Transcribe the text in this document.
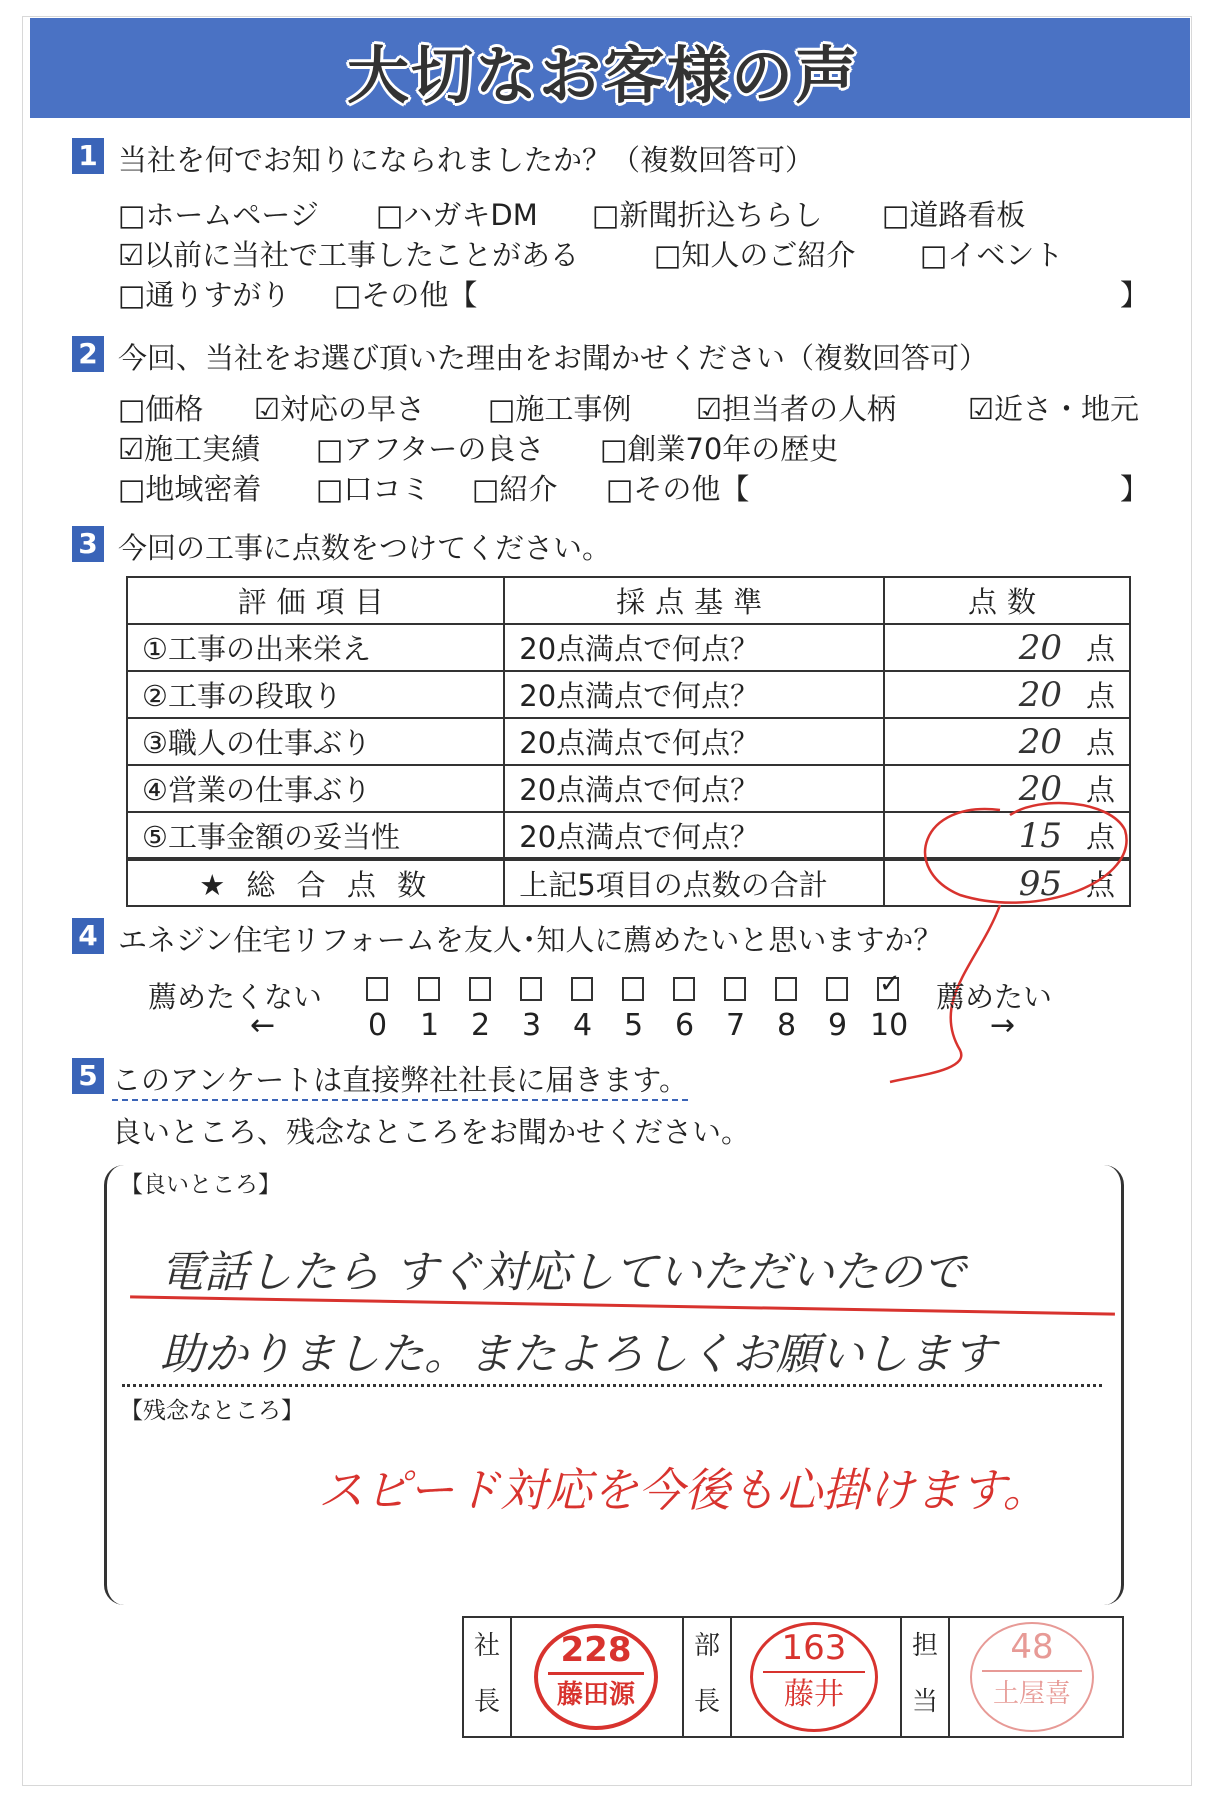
大切なお客様の声
1 当社を何でお知りになられましたか？（複数回答可）
□ホームページ □ハガキDM □新聞折込ちらし □道路看板
☑以前に当社で工事したことがある	□知人のご紹介 □イベント
□通りすがり □その他【	】
2 今回、当社をお選び頂いた理由をお聞かせください（複数回答可）
□価格 ☑対応の早さ □施工事例 ☑担当者の人柄 ☑近さ・地元
☑施工実績 □アフターの良さ □創業70年の歴史
□地域密着 □口コミ □紹介 □その他【	】
3 今回の工事に点数をつけてください。
評価項目	採点基準	点数
①工事の出来栄え	20点満点で何点？	20 点
②工事の段取り	20点満点で何点？	20 点
③職人の仕事ぶり	20点満点で何点？	20 点
④営業の仕事ぶり	20点満点で何点？	20 点
⑤工事金額の妥当性	20点満点で何点？	15 点
★ 総 合 点 数	上記5項目の点数の合計	95 点
4 エネジン住宅リフォームを友人･知人に薦めたいと思いますか？
薦めたくない	薦めたい
✓
←	0 1 2 3 4 5 6 7 8 9 10	→
5 このアンケートは直接弊社社長に届きます。
良いところ、残念なところをお聞かせください。
【良いところ】
電話したら すぐ対応していただいたので
助かりました。またよろしくお願いします
【残念なところ】
スピード対応を今後も心掛けます。
社長
228
藤田源
部長
163
藤井
担当
48
土屋喜
